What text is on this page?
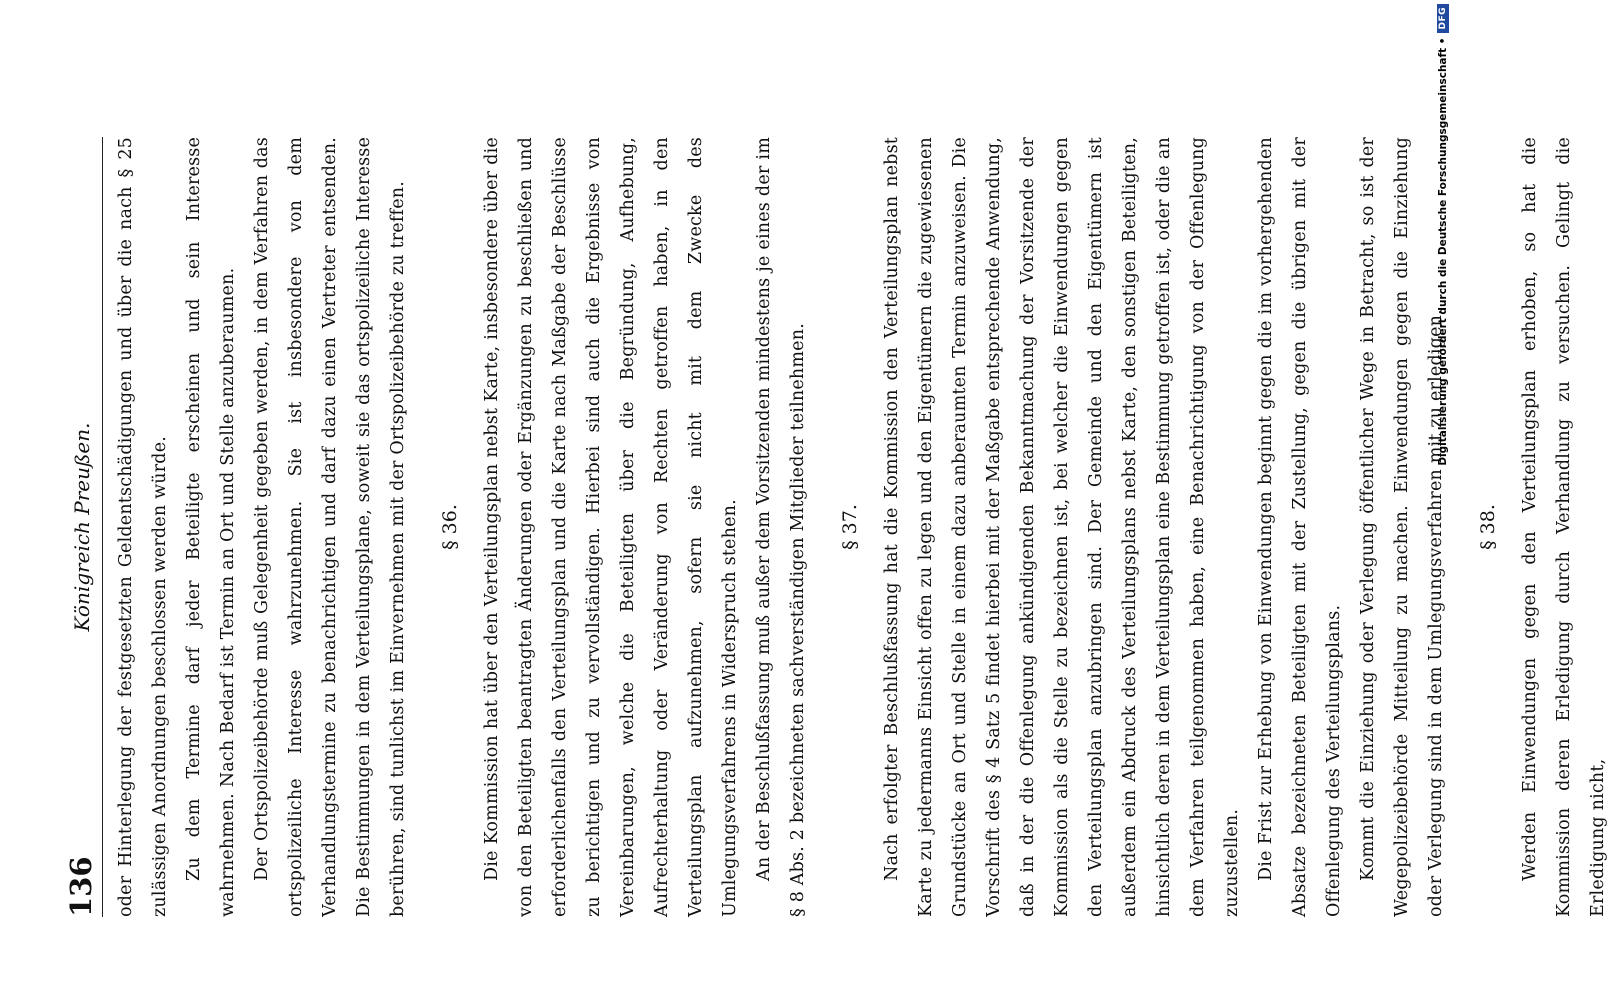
136
Königreich Preußen.	oder Hinterlegung der festgesetzten Geldentschädigungen und über die nach § 25 zulässigen Anordnungen beschlossen werden würde. Zu dem Termine darf jeder Beteiligte erscheinen und sein Interesse wahrnehmen. Nach Bedarf ist Termin an Ort und Stelle anzuberaumen. Der Ortspolizeibehörde muß Gelegenheit gegeben werden, in dem Verfahren das ortspolizeiliche Interesse wahrzunehmen. Sie ist insbesondere von dem Verhandlungstermine zu benachrichtigen und darf dazu einen Vertreter entsenden. Die Bestimmungen in dem Verteilungsplane, soweit sie das ortspolizeiliche Interesse berühren, sind tunlichst im Einvernehmen mit der Ortspolizeibehörde zu treffen.	§ 36.	Die Kommission hat über den Verteilungsplan nebst Karte, insbesondere über die von den Beteiligten beantragten Änderungen oder Ergänzungen zu beschließen und erforderlichenfalls den Verteilungsplan und die Karte nach Maßgabe der Beschlüsse zu berichtigen und zu vervollständigen. Hierbei sind auch die Ergebnisse von Vereinbarungen, welche die Beteiligten über die Begründung, Aufhebung, Aufrechterhaltung oder Veränderung von Rechten getroffen haben, in den Verteilungsplan aufzunehmen, sofern sie nicht mit dem Zwecke des Umlegungsverfahrens in Widerspruch stehen. An der Beschlußfassung muß außer dem Vorsitzenden mindestens je eines der im § 8 Abs. 2 bezeichneten sachverständigen Mitglieder teilnehmen.	§ 37.	Nach erfolgter Beschlußfassung hat die Kommission den Verteilungsplan nebst Karte zu jedermanns Einsicht offen zu legen und den Eigentümern die zugewiesenen Grundstücke an Ort und Stelle in einem dazu anberaumten Termin anzuweisen. Die Vorschrift des § 4 Satz 5 findet hierbei mit der Maßgabe entsprechende Anwendung, daß in der die Offenlegung ankündigenden Bekanntmachung der Vorsitzende der Kommission als die Stelle zu bezeichnen ist, bei welcher die Einwendungen gegen den Verteilungsplan anzubringen sind. Der Gemeinde und den Eigentümern ist außerdem ein Abdruck des Verteilungsplans nebst Karte, den sonstigen Beteiligten, hinsichtlich deren in dem Verteilungsplan eine Bestimmung getroffen ist, oder die an dem Verfahren teilgenommen haben, eine Benachrichtigung von der Offenlegung zuzustellen. Die Frist zur Erhebung von Einwendungen beginnt gegen die im vorhergehenden Absatze bezeichneten Beteiligten mit der Zustellung, gegen die übrigen mit der Offenlegung des Verteilungsplans. Kommt die Einziehung oder Verlegung öffentlicher Wege in Betracht, so ist der Wegepolizeibehörde Mitteilung zu machen. Einwendungen gegen die Einziehung oder Verlegung sind in dem Umlegungsverfahren mit zu erledigen.	§ 38.	Werden Einwendungen gegen den Verteilungsplan erhoben, so hat die Kommission deren Erledigung durch Verhandlung zu versuchen. Gelingt die Erledigung nicht,

Digitalisierung gefördert durch die Deutsche Forschungsgemeinschaft •
DFG
